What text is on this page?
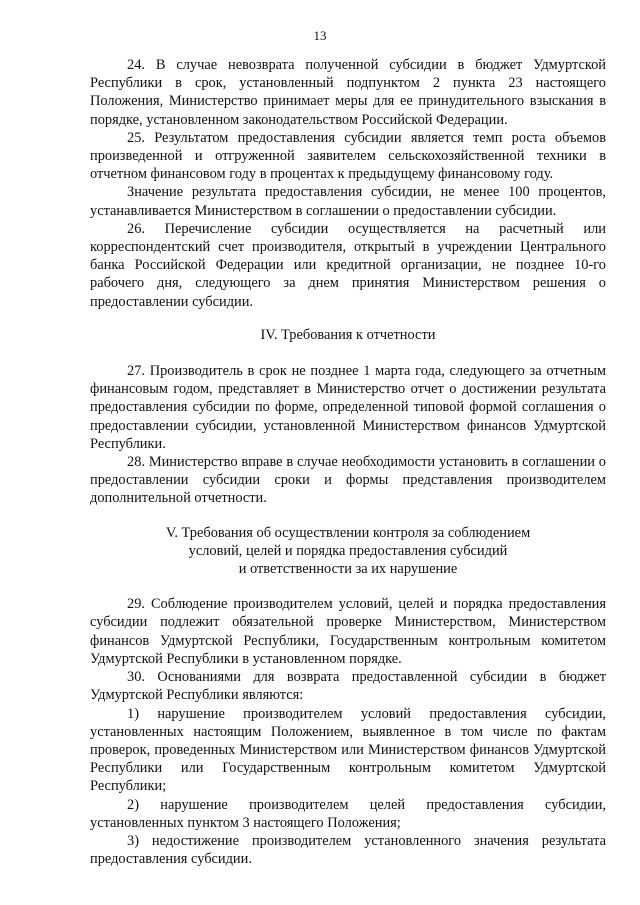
13

24. В случае невозврата полученной субсидии в бюджет Удмуртской Республики в срок, установленный подпунктом 2 пункта 23 настоящего Положения, Министерство принимает меры для ее принудительного взыскания в порядке, установленном законодательством Российской Федерации.

25. Результатом предоставления субсидии является темп роста объемов произведенной и отгруженной заявителем сельскохозяйственной техники в отчетном финансовом году в процентах к предыдущему финансовому году.

Значение результата предоставления субсидии, не менее 100 процентов, устанавливается Министерством в соглашении о предоставлении субсидии.

26. Перечисление субсидии осуществляется на расчетный или корреспондентский счет производителя, открытый в учреждении Центрального банка Российской Федерации или кредитной организации, не позднее 10-го рабочего дня, следующего за днем принятия Министерством решения о предоставлении субсидии.

IV. Требования к отчетности

27. Производитель в срок не позднее 1 марта года, следующего за отчетным финансовым годом, представляет в Министерство отчет о достижении результата предоставления субсидии по форме, определенной типовой формой соглашения о предоставлении субсидии, установленной Министерством финансов Удмуртской Республики.

28. Министерство вправе в случае необходимости установить в соглашении о предоставлении субсидии сроки и формы представления производителем дополнительной отчетности.

V. Требования об осуществлении контроля за соблюдением

условий, целей и порядка предоставления субсидий

и ответственности за их нарушение

29. Соблюдение производителем условий, целей и порядка предоставления субсидии подлежит обязательной проверке Министерством, Министерством финансов Удмуртской Республики, Государственным контрольным комитетом Удмуртской Республики в установленном порядке.

30. Основаниями для возврата предоставленной субсидии в бюджет Удмуртской Республики являются:

1) нарушение производителем условий предоставления субсидии, установленных настоящим Положением, выявленное в том числе по фактам проверок, проведенных Министерством или Министерством финансов Удмуртской Республики или Государственным контрольным комитетом Удмуртской Республики;

2) нарушение производителем целей предоставления субсидии, установленных пунктом 3 настоящего Положения;

3) недостижение производителем установленного значения результата предоставления субсидии.
